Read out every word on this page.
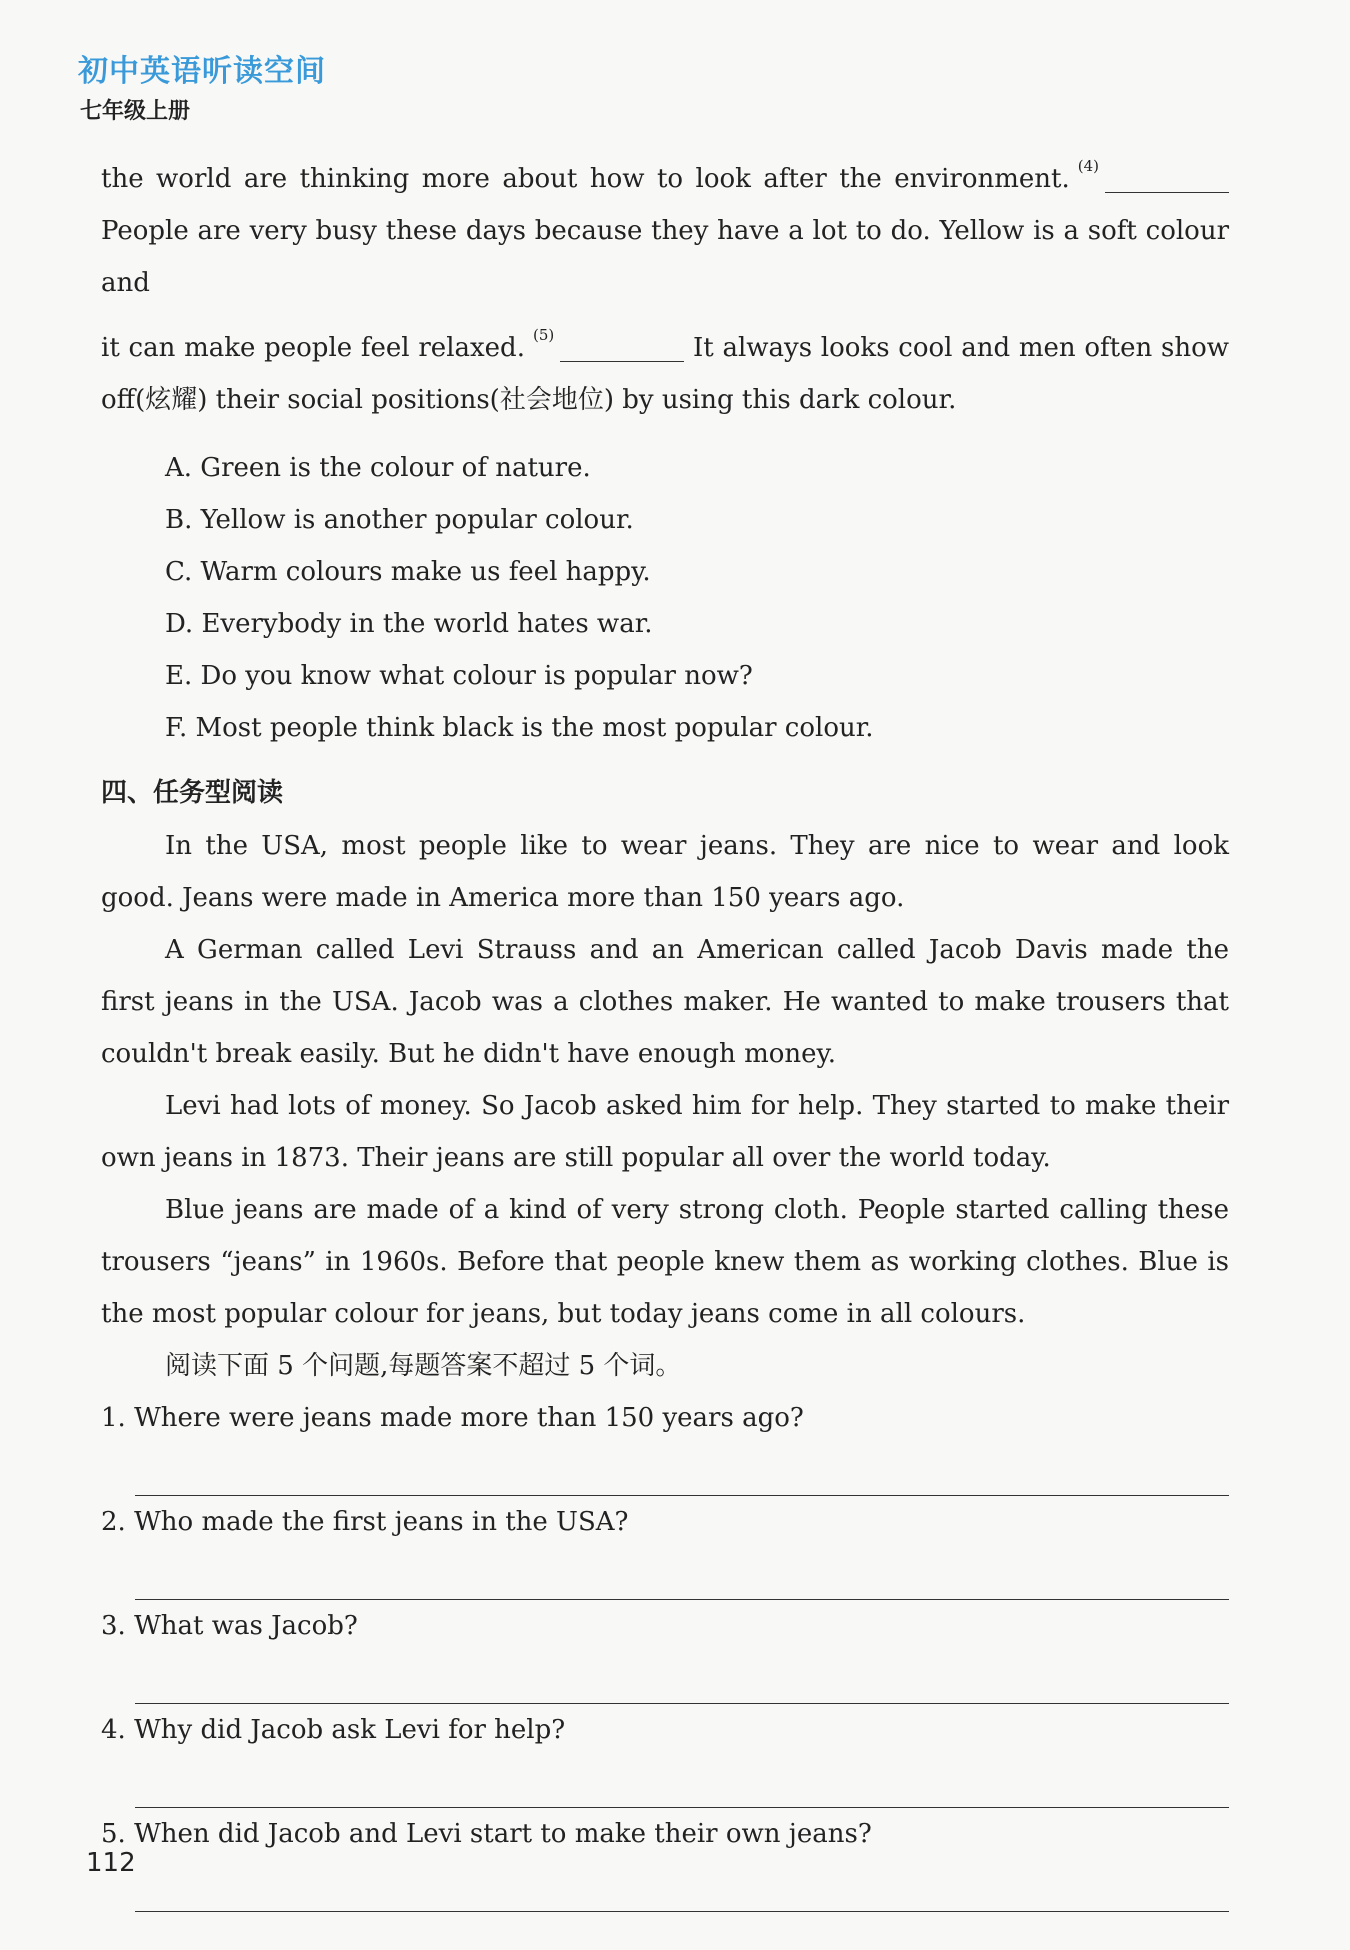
初中英语听读空间
七年级上册

the world are thinking more about how to look after the environment. $^{(4)}$

People are very busy these days because they have a lot to do. Yellow is a soft colour and

it can make people feel relaxed. $^{(5)}$	It always looks cool and men often show

off(炫耀) their social positions(社会地位) by using this dark colour.

A. Green is the colour of nature.
B. Yellow is another popular colour.
C. Warm colours make us feel happy.
D. Everybody in the world hates war.
E. Do you know what colour is popular now?
F. Most people think black is the most popular colour.
四、任务型阅读

In the USA, most people like to wear jeans. They are nice to wear and look good. Jeans were made in America more than 150 years ago.

A German called Levi Strauss and an American called Jacob Davis made the first jeans in the USA. Jacob was a clothes maker. He wanted to make trousers that couldn't break easily. But he didn't have enough money.

Levi had lots of money. So Jacob asked him for help. They started to make their own jeans in 1873. Their jeans are still popular all over the world today.

Blue jeans are made of a kind of very strong cloth. People started calling these trousers “jeans” in 1960s. Before that people knew them as working clothes. Blue is the most popular colour for jeans, but today jeans come in all colours.

阅读下面 5 个问题,每题答案不超过 5 个词。

1. Where were jeans made more than 150 years ago?

2. Who made the first jeans in the USA?

3. What was Jacob?

4. Why did Jacob ask Levi for help?

5. When did Jacob and Levi start to make their own jeans?

112
